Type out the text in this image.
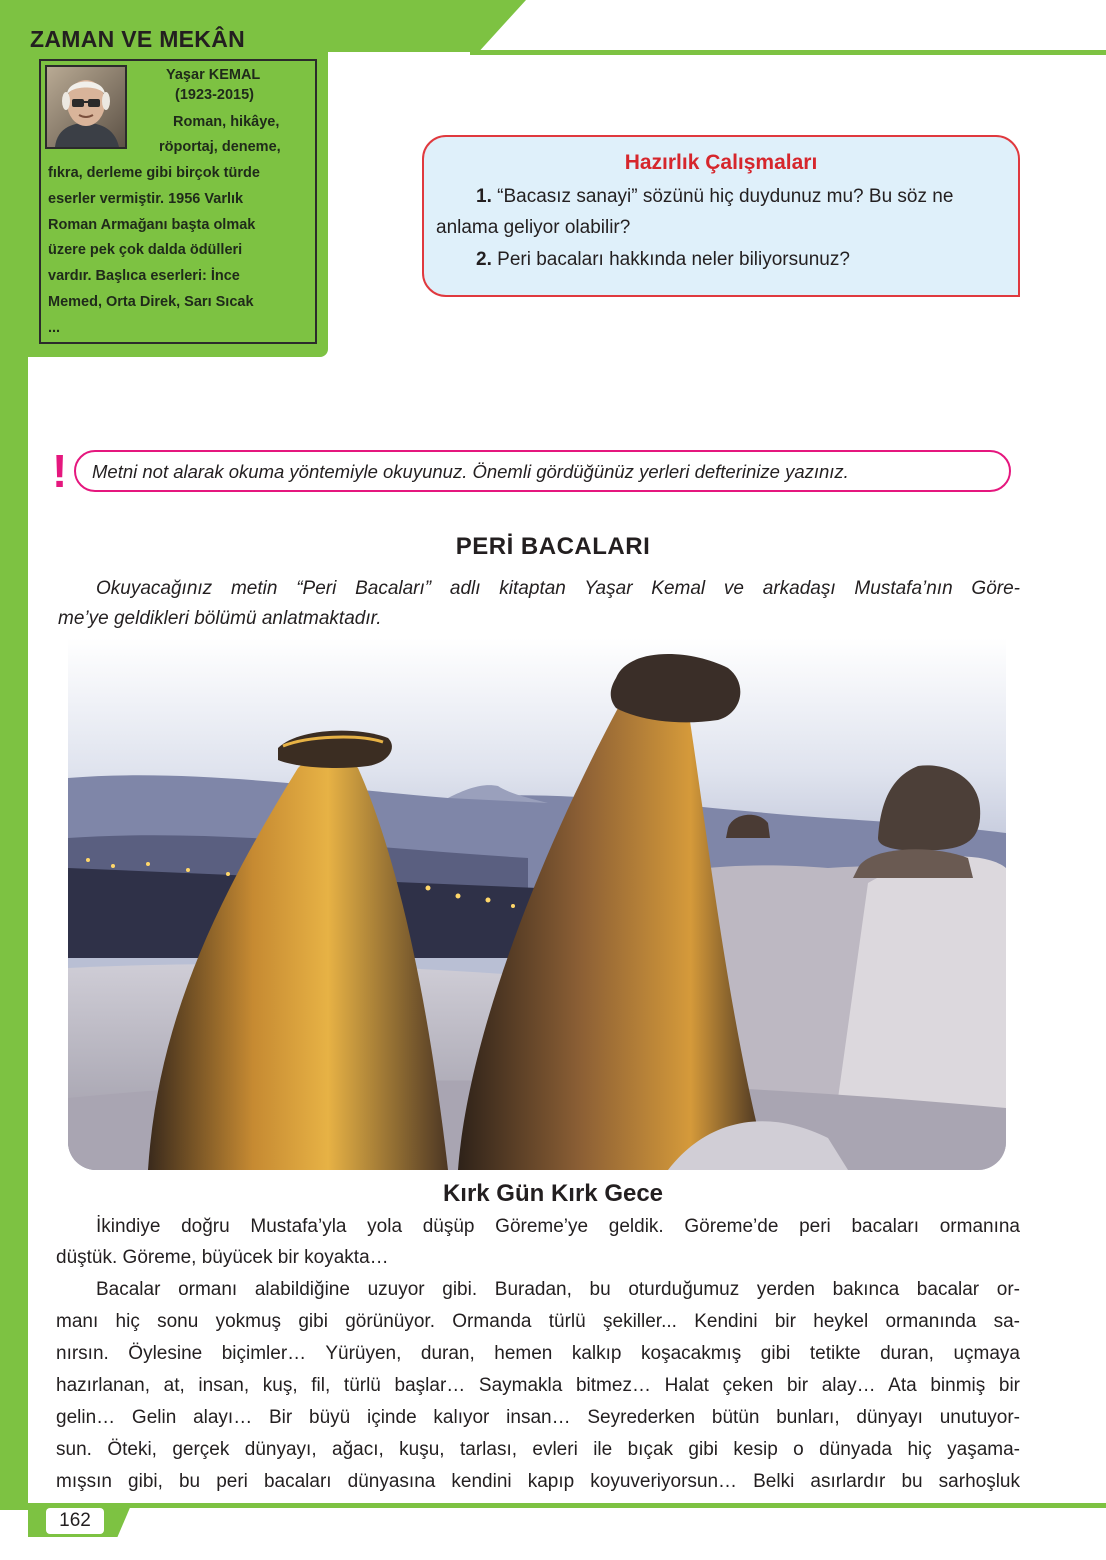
ZAMAN VE MEKÂN
Yaşar KEMAL
(1923-2015)
Roman, hikâye,
röportaj, deneme,
fıkra, derleme gibi birçok türde
eserler vermiştir. 1956 Varlık
Roman Armağanı başta olmak
üzere pek çok dalda ödülleri
vardır. Başlıca eserleri: İnce
Memed, Orta Direk, Sarı Sıcak
...
Hazırlık Çalışmaları
1. “Bacasız sanayi” sözünü hiç duydunuz mu? Bu söz ne
anlama geliyor olabilir?
2. Peri bacaları hakkında neler biliyorsunuz?
! Metni not alarak okuma yöntemiyle okuyunuz. Önemli gördüğünüz yerleri defterinize yazınız.
PERİ BACALARI
Okuyacağınız metin “Peri Bacaları” adlı kitaptan Yaşar Kemal ve arkadaşı Mustafa’nın Göre-
me’ye geldikleri bölümü anlatmaktadır.
Kırk Gün Kırk Gece
İkindiye doğru Mustafa’yla yola düşüp Göreme’ye geldik. Göreme’de peri bacaları ormanına
düştük. Göreme, büyücek bir koyakta…
Bacalar ormanı alabildiğine uzuyor gibi. Buradan, bu oturduğumuz yerden bakınca bacalar or-
manı hiç sonu yokmuş gibi görünüyor. Ormanda türlü şekiller... Kendini bir heykel ormanında sa-
nırsın. Öylesine biçimler… Yürüyen, duran, hemen kalkıp koşacakmış gibi tetikte duran, uçmaya
hazırlanan, at, insan, kuş, fil, türlü başlar… Saymakla bitmez… Halat çeken bir alay… Ata binmiş bir
gelin… Gelin alayı… Bir büyü içinde kalıyor insan… Seyrederken bütün bunları, dünyayı unutuyor-
sun. Öteki, gerçek dünyayı, ağacı, kuşu, tarlası, evleri ile bıçak gibi kesip o dünyada hiç yaşama-
mışsın gibi, bu peri bacaları dünyasına kendini kapıp koyuveriyorsun… Belki asırlardır bu sarhoşluk
162
